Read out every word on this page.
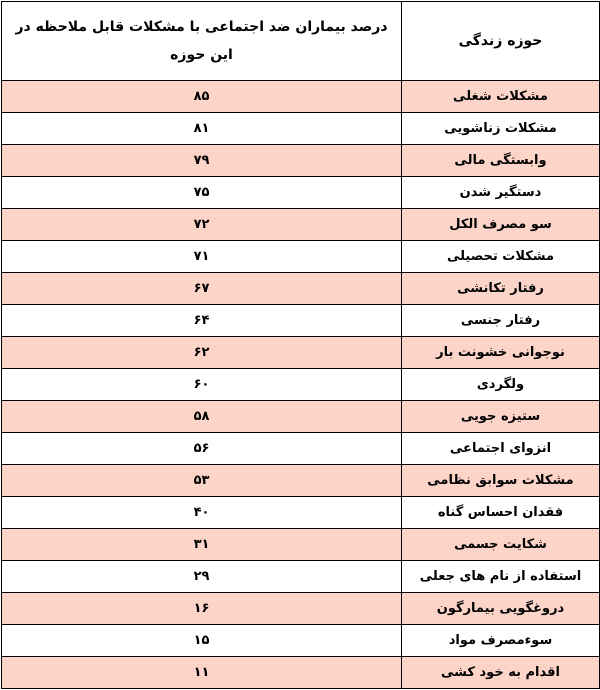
حوزه زندگی	درصد بیماران ضد اجتماعی با مشکلات قابل ملاحظه در این حوزه
مشکلات شغلی	۸۵
مشکلات زناشویی	۸۱
وابستگی مالی	۷۹
دستگیر شدن	۷۵
سو مصرف الکل	۷۲
مشکلات تحصیلی	۷۱
رفتار تکانشی	۶۷
رفتار جنسی	۶۴
نوجوانی خشونت بار	۶۲
ولگردی	۶۰
ستیزه جویی	۵۸
انزوای اجتماعی	۵۶
مشکلات سوابق نظامی	۵۳
فقدان احساس گناه	۴۰
شکایت جسمی	۳۱
استفاده از نام های جعلی	۲۹
دروغگویی بیمارگون	۱۶
سوءمصرف مواد	۱۵
اقدام به خود کشی	۱۱
